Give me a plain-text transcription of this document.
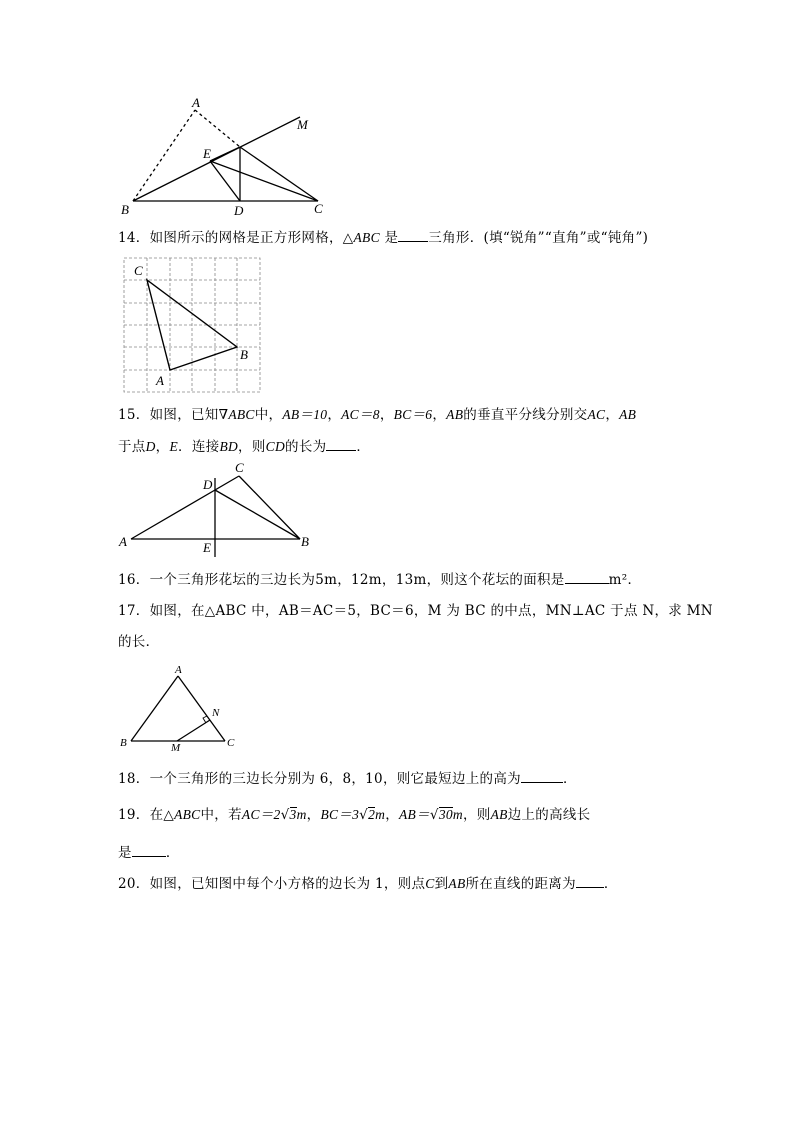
A
M
E
B	D	C
14．如图所示的网格是正方形网格，△ABC 是 三角形．(填“锐角”“直角”或“钝角”)
C
B
A
15．如图，已知∇ABC中，AB＝10，AC＝8，BC＝6，AB的垂直平分线分别交AC，AB
于点D，E．连接BD，则CD的长为 ．
C
D
A	E	B
16．一个三角形花坛的三边长为5m，12m，13m，则这个花坛的面积是	m²．
17．如图，在△ABC 中，AB＝AC＝5，BC＝6，M 为 BC 的中点，MN⊥AC 于点 N，求 MN
的长．
A
N
B	M	C
18．一个三角形的三边长分别为 6，8，10，则它最短边上的高为	．
19．在△ABC中，若AC＝2√3m，BC＝3√2m，AB＝√30m，则AB边上的高线长
是	．
20．如图，已知图中每个小方格的边长为 1，则点C到AB所在直线的距离为 ．
